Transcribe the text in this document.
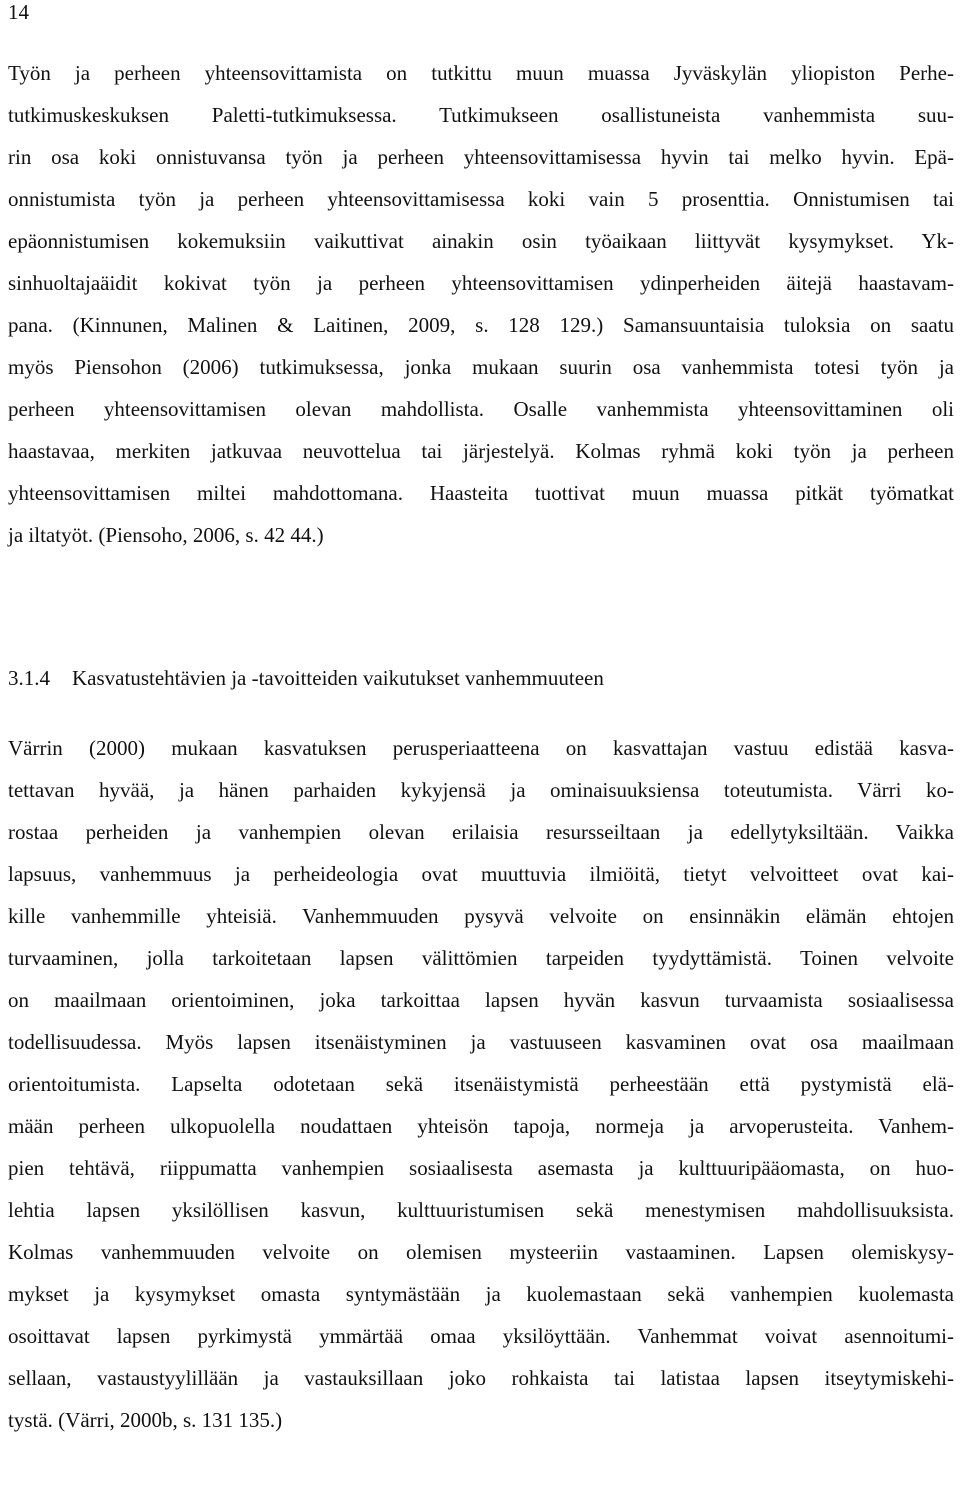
14
Työn ja perheen yhteensovittamista on tutkittu muun muassa Jyväskylän yliopiston Perhe-
tutkimuskeskuksen Paletti-tutkimuksessa. Tutkimukseen osallistuneista vanhemmista suu-
rin osa koki onnistuvansa työn ja perheen yhteensovittamisessa hyvin tai melko hyvin. Epä-
onnistumista työn ja perheen yhteensovittamisessa koki vain 5 prosenttia. Onnistumisen tai
epäonnistumisen kokemuksiin vaikuttivat ainakin osin työaikaan liittyvät kysymykset. Yk-
sinhuoltajaäidit kokivat työn ja perheen yhteensovittamisen ydinperheiden äitejä haastavam-
pana. (Kinnunen, Malinen & Laitinen, 2009, s. 128 129.) Samansuuntaisia tuloksia on saatu
myös Piensohon (2006) tutkimuksessa, jonka mukaan suurin osa vanhemmista totesi työn ja
perheen yhteensovittamisen olevan mahdollista. Osalle vanhemmista yhteensovittaminen oli
haastavaa, merkiten jatkuvaa neuvottelua tai järjestelyä. Kolmas ryhmä koki työn ja perheen
yhteensovittamisen miltei mahdottomana. Haasteita tuottivat muun muassa pitkät työmatkat
ja iltatyöt. (Piensoho, 2006, s. 42 44.)
3.1.4 Kasvatustehtävien ja -tavoitteiden vaikutukset vanhemmuuteen
Värrin (2000) mukaan kasvatuksen perusperiaatteena on kasvattajan vastuu edistää kasva-
tettavan hyvää, ja hänen parhaiden kykyjensä ja ominaisuuksiensa toteutumista. Värri ko-
rostaa perheiden ja vanhempien olevan erilaisia resursseiltaan ja edellytyksiltään. Vaikka
lapsuus, vanhemmuus ja perheideologia ovat muuttuvia ilmiöitä, tietyt velvoitteet ovat kai-
kille vanhemmille yhteisiä. Vanhemmuuden pysyvä velvoite on ensinnäkin elämän ehtojen
turvaaminen, jolla tarkoitetaan lapsen välittömien tarpeiden tyydyttämistä. Toinen velvoite
on maailmaan orientoiminen, joka tarkoittaa lapsen hyvän kasvun turvaamista sosiaalisessa
todellisuudessa. Myös lapsen itsenäistyminen ja vastuuseen kasvaminen ovat osa maailmaan
orientoitumista. Lapselta odotetaan sekä itsenäistymistä perheestään että pystymistä elä-
mään perheen ulkopuolella noudattaen yhteisön tapoja, normeja ja arvoperusteita. Vanhem-
pien tehtävä, riippumatta vanhempien sosiaalisesta asemasta ja kulttuuripääomasta, on huo-
lehtia lapsen yksilöllisen kasvun, kulttuuristumisen sekä menestymisen mahdollisuuksista.
Kolmas vanhemmuuden velvoite on olemisen mysteeriin vastaaminen. Lapsen olemiskysy-
mykset ja kysymykset omasta syntymästään ja kuolemastaan sekä vanhempien kuolemasta
osoittavat lapsen pyrkimystä ymmärtää omaa yksilöyttään. Vanhemmat voivat asennoitumi-
sellaan, vastaustyylillään ja vastauksillaan joko rohkaista tai latistaa lapsen itseytymiskehi-
tystä. (Värri, 2000b, s. 131 135.)
